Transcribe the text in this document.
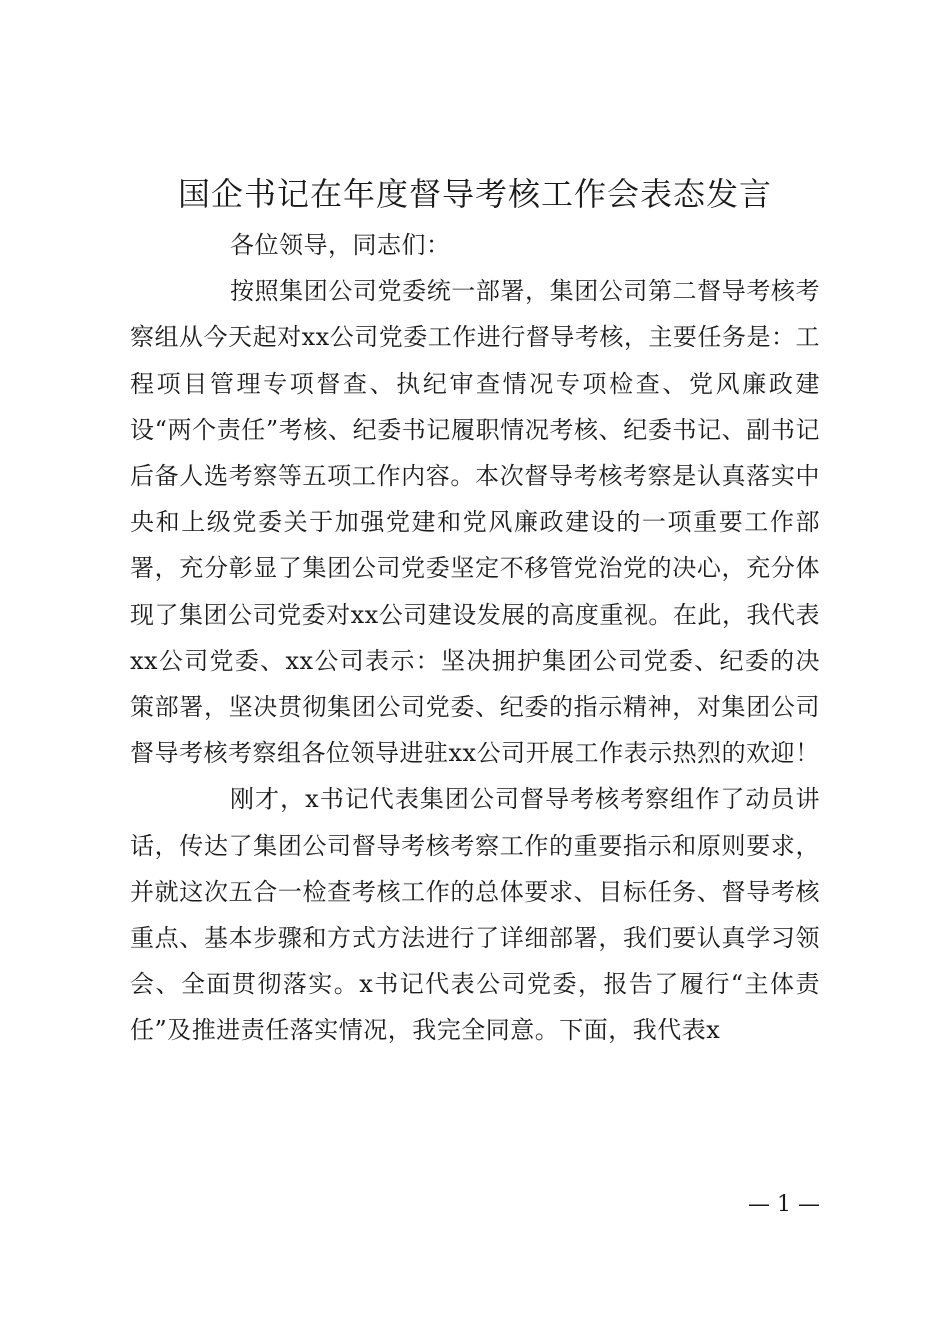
国企书记在年度督导考核工作会表态发言

各位领导，同志们：

按照集团公司党委统一部署，集团公司第二督导考核考察组从今天起对xx公司党委工作进行督导考核，主要任务是：工程项目管理专项督查、执纪审查情况专项检查、党风廉政建设“两个责任”考核、纪委书记履职情况考核、纪委书记、副书记后备人选考察等五项工作内容。本次督导考核考察是认真落实中央和上级党委关于加强党建和党风廉政建设的一项重要工作部署，充分彰显了集团公司党委坚定不移管党治党的决心，充分体现了集团公司党委对xx公司建设发展的高度重视。在此，我代表xx公司党委、xx公司表示：坚决拥护集团公司党委、纪委的决策部署，坚决贯彻集团公司党委、纪委的指示精神，对集团公司督导考核考察组各位领导进驻xx公司开展工作表示热烈的欢迎！

刚才，x书记代表集团公司督导考核考察组作了动员讲话，传达了集团公司督导考核考察工作的重要指示和原则要求，并就这次五合一检查考核工作的总体要求、目标任务、督导考核重点、基本步骤和方式方法进行了详细部署，我们要认真学习领会、全面贯彻落实。x书记代表公司党委，报告了履行“主体责任”及推进责任落实情况，我完全同意。下面，我代表x

— 1 —
